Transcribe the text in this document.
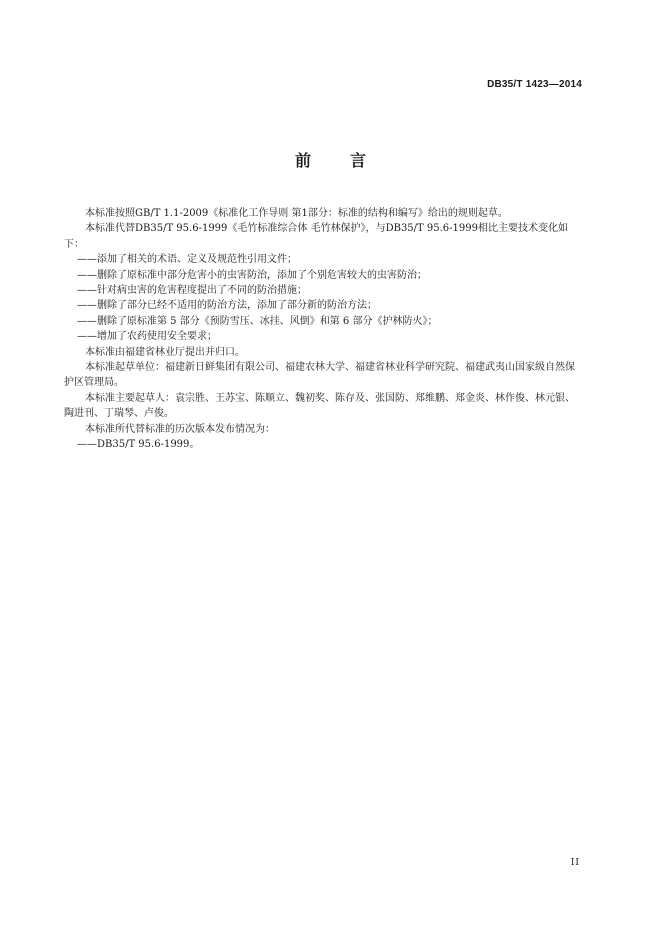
DB35/T 1423—2014
前 言

本标准按照GB/T 1.1-2009《标准化工作导则 第1部分：标准的结构和编写》给出的规则起草。

本标准代替DB35/T 95.6-1999《毛竹标准综合体 毛竹林保护》，与DB35/T 95.6-1999相比主要技术变化如下：

——添加了相关的术语、定义及规范性引用文件；

——删除了原标准中部分危害小的虫害防治，添加了个别危害较大的虫害防治；

——针对病虫害的危害程度提出了不同的防治措施；

——删除了部分已经不适用的防治方法，添加了部分新的防治方法；

——删除了原标准第 5 部分《预防雪压、冰挂、风倒》和第 6 部分《护林防火》；

——增加了农药使用安全要求；

本标准由福建省林业厅提出并归口。

本标准起草单位：福建新日鲜集团有限公司、福建农林大学、福建省林业科学研究院、福建武夷山国家级自然保护区管理局。

本标准主要起草人：袁宗胜、王苏宝、陈顺立、魏初奖、陈存及、张国防、郑维鹏、郑金炎、林作俊、林元银、陶进刊、丁瑞琴、卢俊。

本标准所代替标准的历次版本发布情况为：

——DB35/T 95.6-1999。

II
